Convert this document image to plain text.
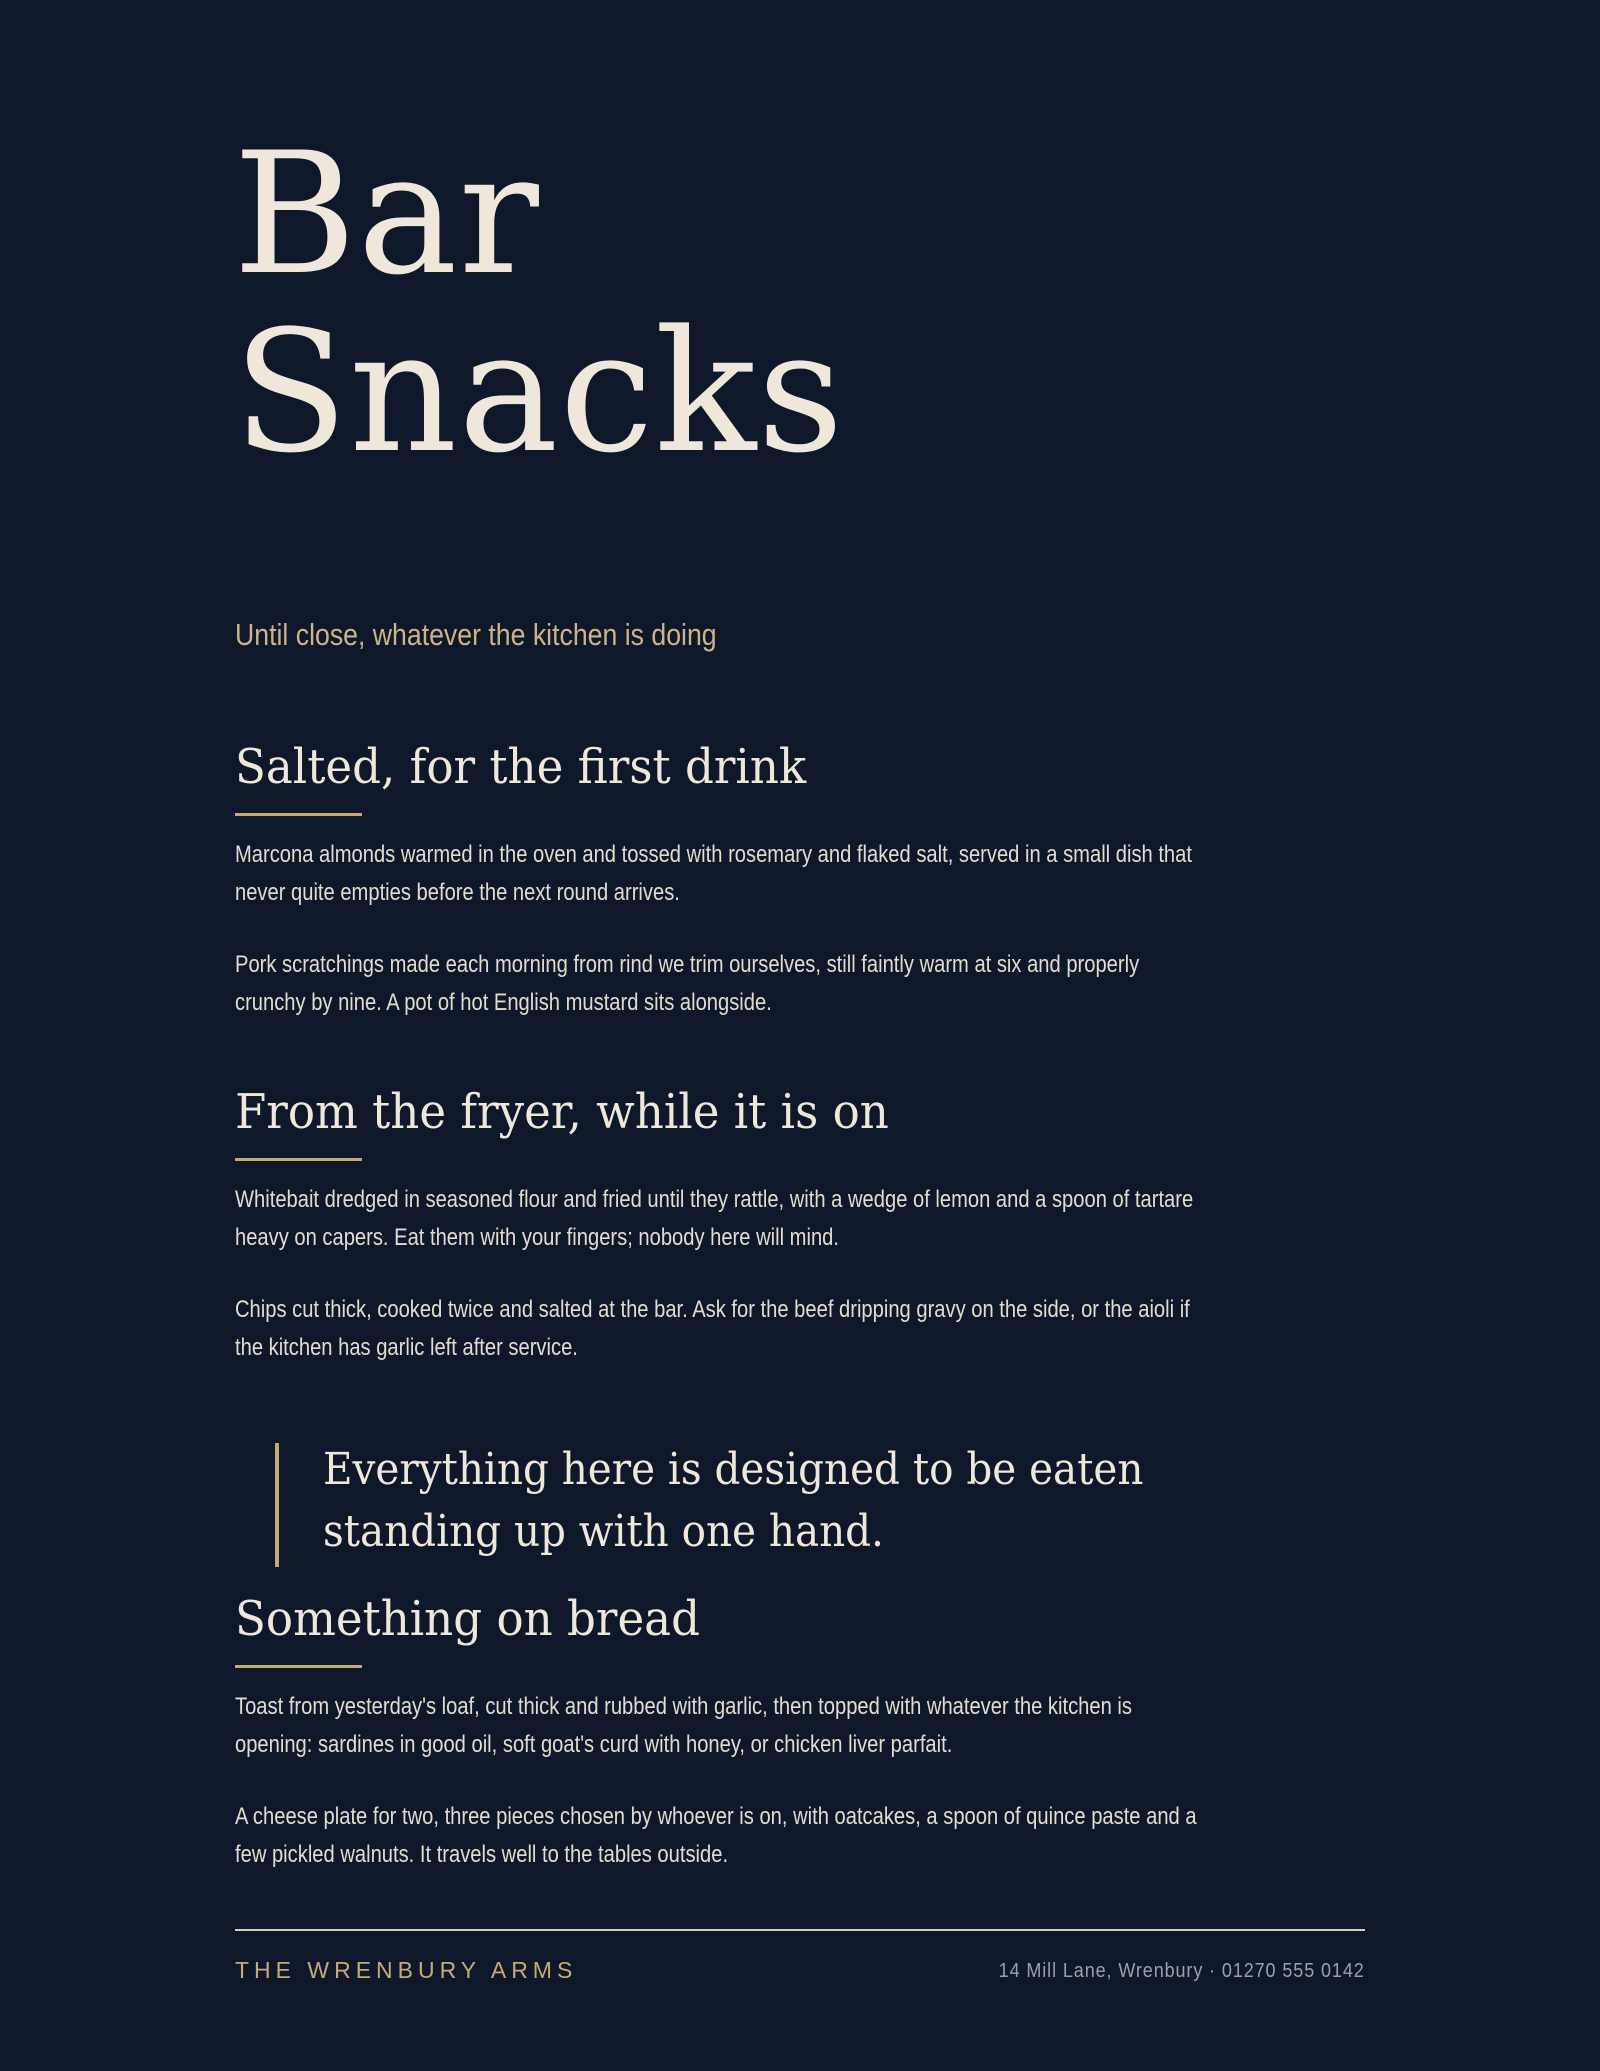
Bar
Snacks

Until close, whatever the kitchen is doing

Salted, for the first drink

Marcona almonds warmed in the oven and tossed with rosemary and flaked salt, served in a small dish that never quite empties before the next round arrives.

Pork scratchings made each morning from rind we trim ourselves, still faintly warm at six and properly crunchy by nine. A pot of hot English mustard sits alongside.

From the fryer, while it is on

Whitebait dredged in seasoned flour and fried until they rattle, with a wedge of lemon and a spoon of tartare heavy on capers. Eat them with your fingers; nobody here will mind.

Chips cut thick, cooked twice and salted at the bar. Ask for the beef dripping gravy on the side, or the aioli if the kitchen has garlic left after service.

Everything here is designed to be eaten standing up with one hand.

Something on bread

Toast from yesterday's loaf, cut thick and rubbed with garlic, then topped with whatever the kitchen is opening: sardines in good oil, soft goat's curd with honey, or chicken liver parfait.

A cheese plate for two, three pieces chosen by whoever is on, with oatcakes, a spoon of quince paste and a few pickled walnuts. It travels well to the tables outside.

THE WRENBURY ARMS	14 Mill Lane, Wrenbury · 01270 555 0142
